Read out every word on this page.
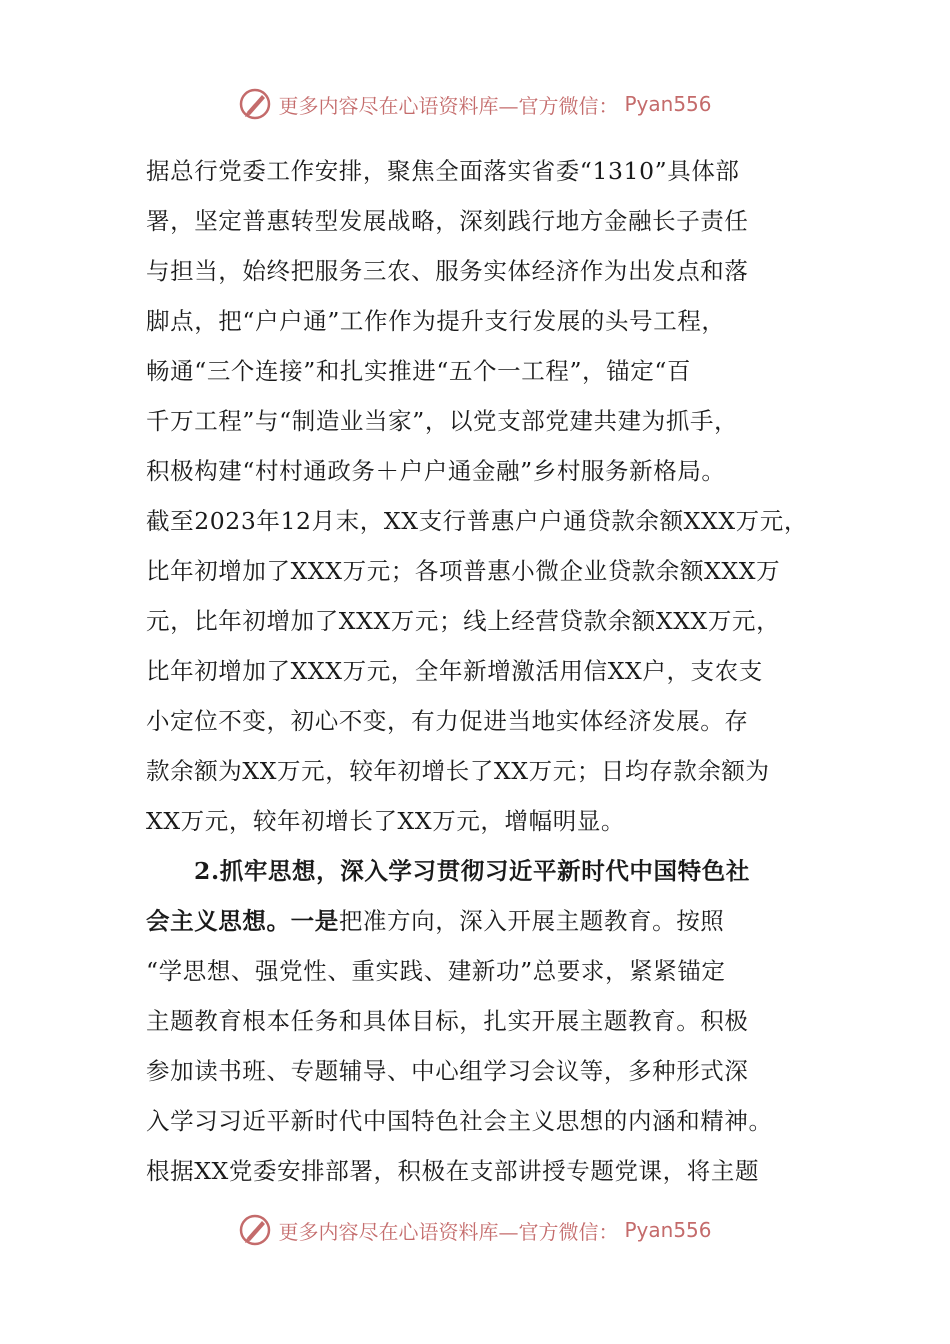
更多内容尽在心语资料库—官方微信： Pyan556
据总行党委工作安排，聚焦全面落实省委“1310”具体部
署，坚定普惠转型发展战略，深刻践行地方金融长子责任
与担当，始终把服务三农、服务实体经济作为出发点和落
脚点，把“户户通”工作作为提升支行发展的头号工程，
畅通“三个连接”和扎实推进“五个一工程”，锚定“百
千万工程”与“制造业当家”，以党支部党建共建为抓手，
积极构建“村村通政务＋户户通金融”乡村服务新格局。
截至2023年12月末，XX支行普惠户户通贷款余额XXX万元，
比年初增加了XXX万元；各项普惠小微企业贷款余额XXX万
元，比年初增加了XXX万元；线上经营贷款余额XXX万元，
比年初增加了XXX万元，全年新增激活用信XX户，支农支
小定位不变，初心不变，有力促进当地实体经济发展。存
款余额为XX万元，较年初增长了XX万元；日均存款余额为
XX万元，较年初增长了XX万元，增幅明显。
2.抓牢思想，深入学习贯彻习近平新时代中国特色社
会主义思想。一是把准方向，深入开展主题教育。按照
“学思想、强党性、重实践、建新功”总要求，紧紧锚定
主题教育根本任务和具体目标，扎实开展主题教育。积极
参加读书班、专题辅导、中心组学习会议等，多种形式深
入学习习近平新时代中国特色社会主义思想的内涵和精神。
根据XX党委安排部署，积极在支部讲授专题党课，将主题
更多内容尽在心语资料库—官方微信： Pyan556
